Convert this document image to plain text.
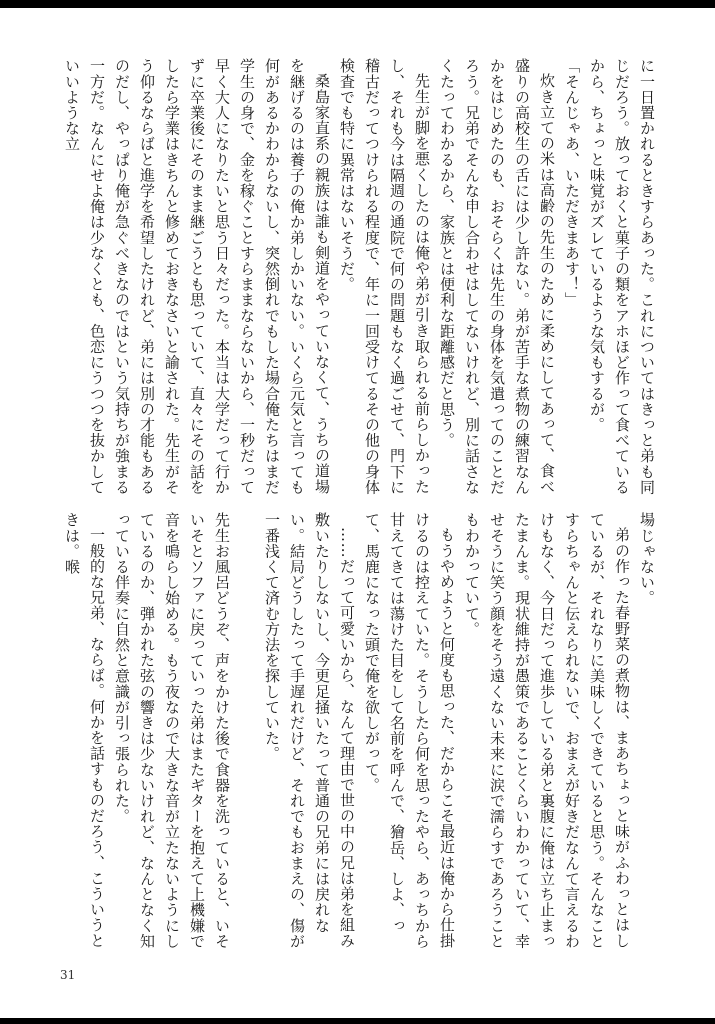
に一日置かれるときすらあった。これについてはきっと弟も同じだろう。放っておくと菓子の類をアホほど作って食べているから、ちょっと味覚がズレているような気もするが。

「そんじゃあ、いただきまあす！」

炊き立ての米は高齢の先生のために柔めにしてあって、食べ盛りの高校生の舌には少し許ない。弟が苦手な煮物の練習なんかをはじめたのも、おそらくは先生の身体を気遣ってのことだろう。兄弟でそんな申し合わせはしてないけれど、別に話さなくたってわかるから、家族とは便利な距離感だと思う。

先生が脚を悪くしたのは俺や弟が引き取られる前らしかったし、それも今は隔週の通院で何の問題もなく過ごせて、門下に稽古だってつけられる程度で、年に一回受けてるその他の身体検査でも特に異常はないそうだ。

桑島家直系の親族は誰も剣道をやっていなくて、うちの道場を継げるのは養子の俺か弟しかいない。いくら元気と言っても何があるかわからないし、突然倒れでもした場合俺たちはまだ学生の身で、金を稼ぐことすらままならないから、一秒だって早く大人になりたいと思う日々だった。本当は大学だって行かずに卒業後にそのまま継ごうとも思っていて、直々にその話をしたら学業はきちんと修めておきなさいと諭された。先生がそう仰るならばと進学を希望したけれど、弟には別の才能もあるのだし、やっぱり俺が急ぐべきなのではという気持ちが強まる一方だ。なんにせよ俺は少なくとも、色恋にうつつを抜かしていいような立

場じゃない。

弟の作った春野菜の煮物は、まあちょっと味がふわっとはしているが、それなりに美味しくできていると思う。そんなことすらちゃんと伝えられないで、おまえが好きだなんて言えるわけもなく、今日だって進歩している弟と裏腹に俺は立ち止まったまんま。現状維持が愚策であることくらいわかっていて、幸せそうに笑う顔をそう遠くない未来に涙で濡らすであろうこともわかっていて。

もうやめようと何度も思った、だからこそ最近は俺から仕掛けるのは控えていた。そうしたら何を思ったやら、あっちから甘えてきては蕩けた目をして名前を呼んで、獪岳、しよ、って、馬鹿になった頭で俺を欲しがって。

……だって可愛いから、なんて理由で世の中の兄は弟を組み敷いたりしないし、今更足掻いたって普通の兄弟には戻れない。結局どうしたって手遅れだけど、それでもおまえの、傷が一番浅くて済む方法を探していた。

先生お風呂どうぞ、声をかけた後で食器を洗っていると、いそいそとソファに戻っていった弟はまたギターを抱えて上機嫌で音を鳴らし始める。もう夜なので大きな音が立たないようにしているのか、弾かれた弦の響きは少ないけれど、なんとなく知っている伴奏に自然と意識が引っ張られた。

一般的な兄弟、ならば。何かを話すものだろう、こういうときは。喉

31
